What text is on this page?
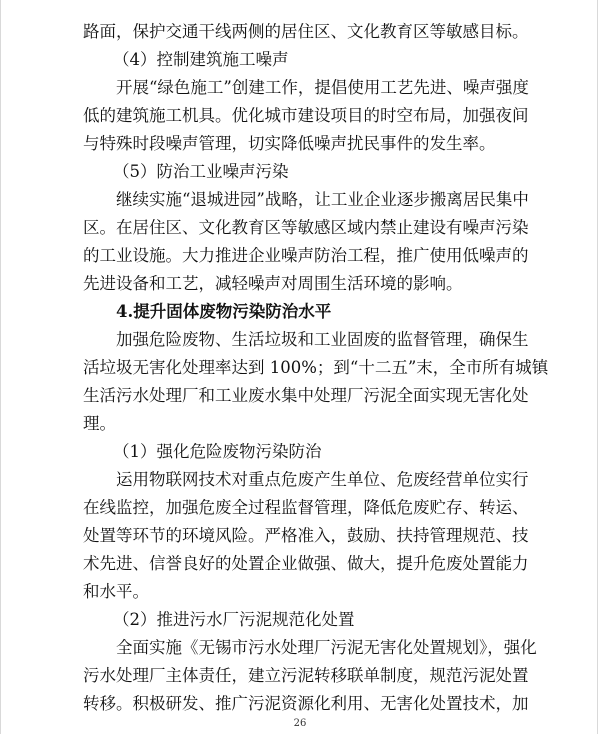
路面，保护交通干线两侧的居住区、文化教育区等敏感目标。
（4）控制建筑施工噪声
开展“绿色施工”创建工作，提倡使用工艺先进、噪声强度
低的建筑施工机具。优化城市建设项目的时空布局，加强夜间
与特殊时段噪声管理，切实降低噪声扰民事件的发生率。
（5）防治工业噪声污染
继续实施“退城进园”战略，让工业企业逐步搬离居民集中
区。在居住区、文化教育区等敏感区域内禁止建设有噪声污染
的工业设施。大力推进企业噪声防治工程，推广使用低噪声的
先进设备和工艺，减轻噪声对周围生活环境的影响。
4.提升固体废物污染防治水平
加强危险废物、生活垃圾和工业固废的监督管理，确保生
活垃圾无害化处理率达到 100%；到“十二五”末，全市所有城镇
生活污水处理厂和工业废水集中处理厂污泥全面实现无害化处
理。
（1）强化危险废物污染防治
运用物联网技术对重点危废产生单位、危废经营单位实行
在线监控，加强危废全过程监督管理，降低危废贮存、转运、
处置等环节的环境风险。严格准入，鼓励、扶持管理规范、技
术先进、信誉良好的处置企业做强、做大，提升危废处置能力
和水平。
（2）推进污水厂污泥规范化处置
全面实施《无锡市污水处理厂污泥无害化处置规划》，强化
污水处理厂主体责任，建立污泥转移联单制度，规范污泥处置
转移。积极研发、推广污泥资源化利用、无害化处置技术，加
26
